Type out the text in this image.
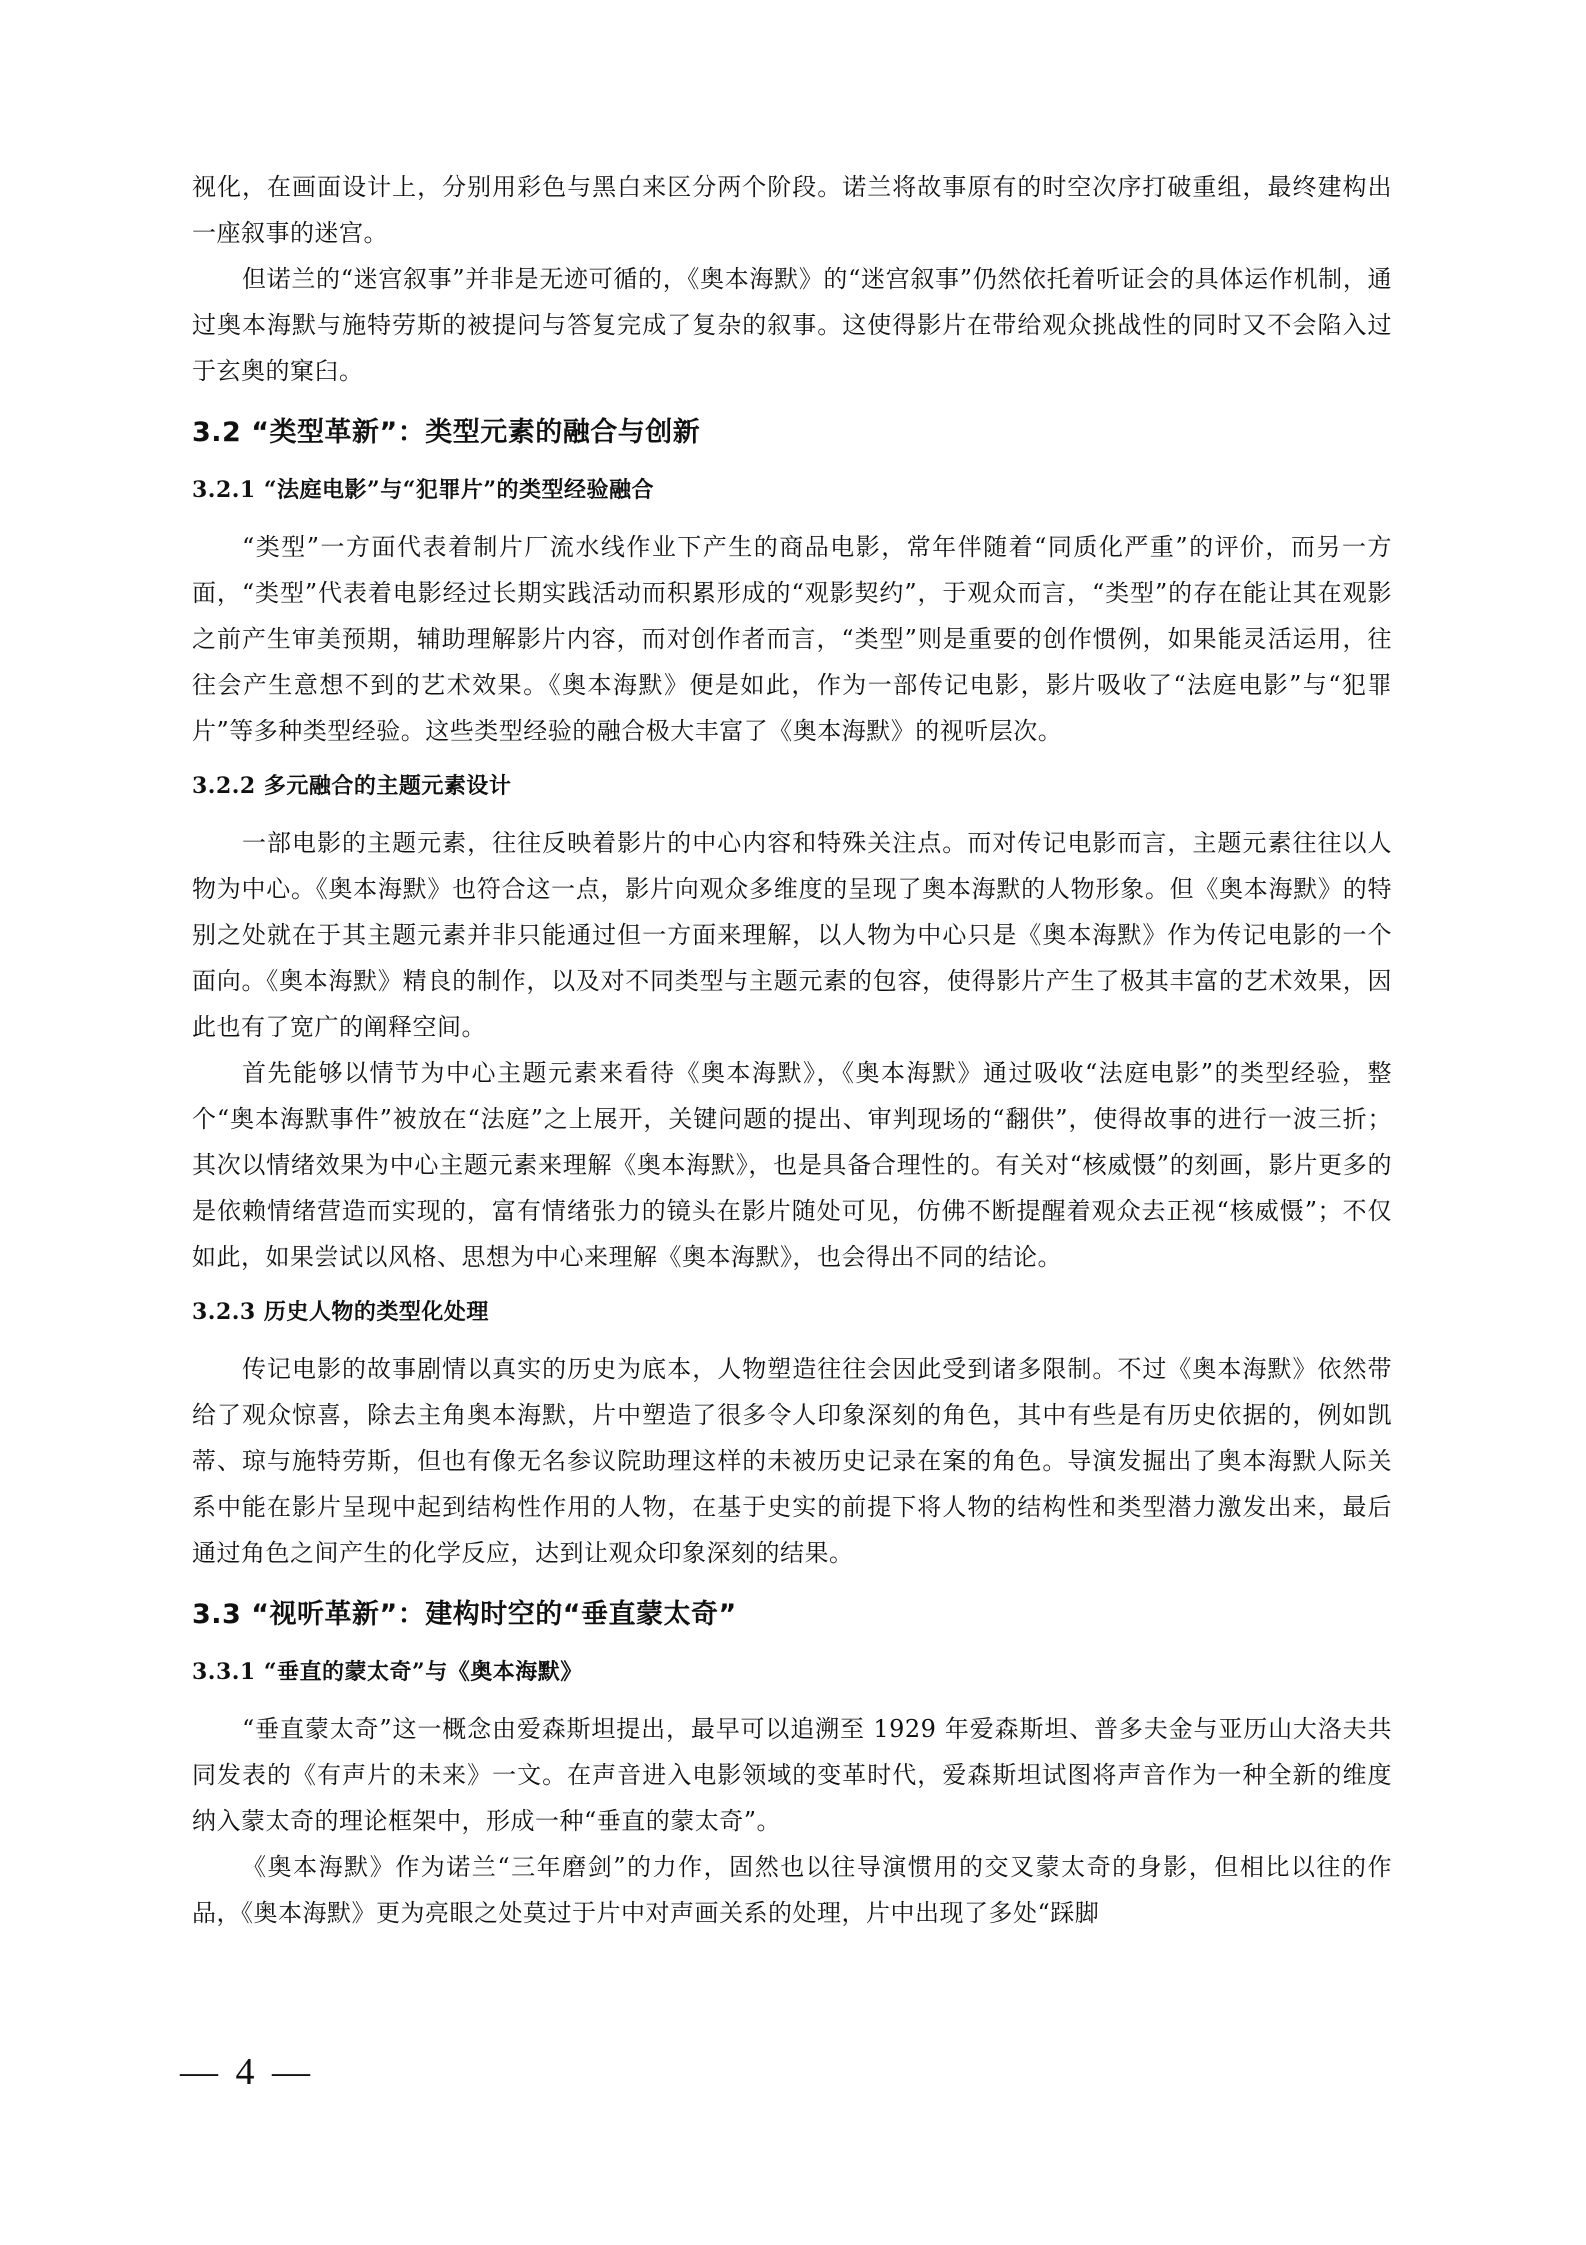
视化，在画面设计上，分别用彩色与黑白来区分两个阶段。诺兰将故事原有的时空次序打破重组，最终建构出一座叙事的迷宫。

但诺兰的“迷宫叙事”并非是无迹可循的，《奥本海默》的“迷宫叙事”仍然依托着听证会的具体运作机制，通过奥本海默与施特劳斯的被提问与答复完成了复杂的叙事。这使得影片在带给观众挑战性的同时又不会陷入过于玄奥的窠臼。

3.2 “类型革新”：类型元素的融合与创新
3.2.1 “法庭电影”与“犯罪片”的类型经验融合

“类型”一方面代表着制片厂流水线作业下产生的商品电影，常年伴随着“同质化严重”的评价，而另一方面，“类型”代表着电影经过长期实践活动而积累形成的“观影契约”，于观众而言，“类型”的存在能让其在观影之前产生审美预期，辅助理解影片内容，而对创作者而言，“类型”则是重要的创作惯例，如果能灵活运用，往往会产生意想不到的艺术效果。《奥本海默》便是如此，作为一部传记电影，影片吸收了“法庭电影”与“犯罪片”等多种类型经验。这些类型经验的融合极大丰富了《奥本海默》的视听层次。

3.2.2 多元融合的主题元素设计

一部电影的主题元素，往往反映着影片的中心内容和特殊关注点。而对传记电影而言，主题元素往往以人物为中心。《奥本海默》也符合这一点，影片向观众多维度的呈现了奥本海默的人物形象。但《奥本海默》的特别之处就在于其主题元素并非只能通过但一方面来理解，以人物为中心只是《奥本海默》作为传记电影的一个面向。《奥本海默》精良的制作，以及对不同类型与主题元素的包容，使得影片产生了极其丰富的艺术效果，因此也有了宽广的阐释空间。

首先能够以情节为中心主题元素来看待《奥本海默》，《奥本海默》通过吸收“法庭电影”的类型经验，整个“奥本海默事件”被放在“法庭”之上展开，关键问题的提出、审判现场的“翻供”，使得故事的进行一波三折；其次以情绪效果为中心主题元素来理解《奥本海默》，也是具备合理性的。有关对“核威慑”的刻画，影片更多的是依赖情绪营造而实现的，富有情绪张力的镜头在影片随处可见，仿佛不断提醒着观众去正视“核威慑”；不仅如此，如果尝试以风格、思想为中心来理解《奥本海默》，也会得出不同的结论。

3.2.3 历史人物的类型化处理

传记电影的故事剧情以真实的历史为底本，人物塑造往往会因此受到诸多限制。不过《奥本海默》依然带给了观众惊喜，除去主角奥本海默，片中塑造了很多令人印象深刻的角色，其中有些是有历史依据的，例如凯蒂、琼与施特劳斯，但也有像无名参议院助理这样的未被历史记录在案的角色。导演发掘出了奥本海默人际关系中能在影片呈现中起到结构性作用的人物，在基于史实的前提下将人物的结构性和类型潜力激发出来，最后通过角色之间产生的化学反应，达到让观众印象深刻的结果。

3.3 “视听革新”：建构时空的“垂直蒙太奇”
3.3.1 “垂直的蒙太奇”与《奥本海默》

“垂直蒙太奇”这一概念由爱森斯坦提出，最早可以追溯至 1929 年爱森斯坦、普多夫金与亚历山大洛夫共同发表的《有声片的未来》一文。在声音进入电影领域的变革时代，爱森斯坦试图将声音作为一种全新的维度纳入蒙太奇的理论框架中，形成一种“垂直的蒙太奇”。

《奥本海默》作为诺兰“三年磨剑”的力作，固然也以往导演惯用的交叉蒙太奇的身影，但相比以往的作品，《奥本海默》更为亮眼之处莫过于片中对声画关系的处理，片中出现了多处“踩脚

— 4 —
